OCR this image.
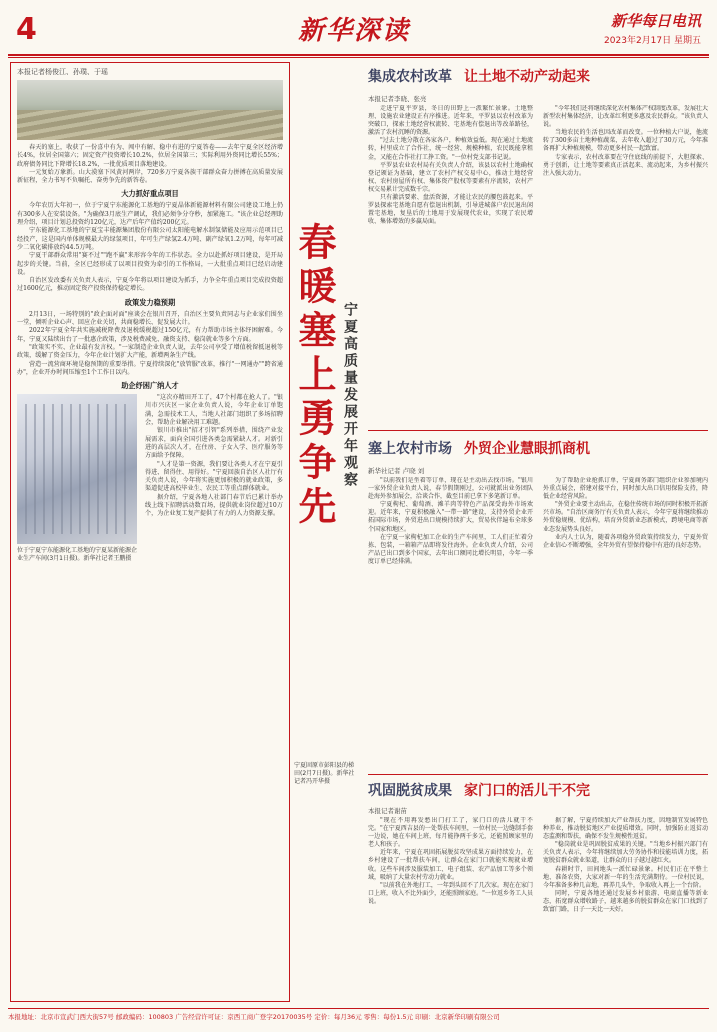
4	新华深读	新华每日电讯
2023年2月17日 星期五
本报记者杨俊江、孙璞、于瑶

春天的塞上，收获了一份喜中有为、闯中有解、稳中有进的宁夏答卷——去年宁夏全区经济增长4%，位居全国第六；固定资产投资增长10.2%，位居全国第三；实际利用外资同比增长55%；政府债务同比下降增长18.2%，一批优质项目落地建设。

一元复始万象新。山大漠塞下风黄河两岸，720多万宁夏各族干部群众奋力拼搏在高质量发展新征程，全力书写不负嘱托、奋勇争先的新答卷。

大力抓好重点项目

今年农历大年初一，位于宁夏宁东能源化工基地的宁夏晶体新能源材料有限公司建设工地上仍有300多人在安装设备。"为确保3月底生产调试，我们必须争分夺秒，加紧施工。"该企业总经理助理介绍，项目计划总投资约120亿元，达产后年产值约200亿元。

宁东能源化工基地的宁夏宝丰能源集团股份有限公司太阳能电解水制氢储能及应用示范项目已经投产，这是国内单体规模最大的绿氢项目，年可生产绿氢2.4万吨、副产绿氧1.2万吨，每年可减少二氧化碳排放约44.5万吨。

宁夏干部群众常用"赛不过""跑不赢"来形容今年的工作状态。全力以赴抓好项目建设，是开局起步的关键。当前，全区已经形成了以项目投资为牵引的工作格局，一大批重点项目已经启动建设。

自治区发改委有关负责人表示，宁夏今年将以项目建设为抓手，力争全年重点项目完成投资超过1600亿元，推动固定资产投资保持稳定增长。

政策发力稳预期

2月13日，一场特别的"政企面对面"座谈会在银川召开，自治区主要负责同志与企业家们围坐一堂，倾听企业心声、回应企业关切，共商稳增长、促发展大计。

2022年宁夏全年共实施减税降费及退税缓税超过150亿元，有力帮助市场主体纾困解难。今年，宁夏又陆续出台了一批惠企政策，涉及税费减免、融资支持、稳岗就业等多个方面。

"政策实不实、企业最有发言权。"一家制造企业负责人说，去年公司享受了增值税留抵退税等政策，缓解了资金压力，今年企业计划扩大产能，新增两条生产线。

营造一流营商环境是稳预期的重要举措。宁夏持续深化"放管服"改革，推行"一网通办""跨省通办"，企业开办时间压缩至1个工作日以内。

助企纾困广纳人才
位于宁夏宁东能源化工基地的宁夏某新能源企业生产车间(3月1日摄)。新华社记者王鹏摄

"这次亦精田开工了，47个村都在抢人了。"银川市兴庆区一家企业负责人说，今年企业订单饱满，急需技术工人，当地人社部门组织了多场招聘会，帮助企业解决用工难题。

银川市推出"招才引智"系列举措，围绕产业发展需求，面向全国引进各类急需紧缺人才。对新引进的高层次人才，在住房、子女入学、医疗服务等方面给予保障。

"人才是第一资源，我们要让各类人才在宁夏引得进、留得住、用得好。"宁夏回族自治区人社厅有关负责人说，今年将实施更加积极的就业政策，多渠道促进高校毕业生、农民工等重点群体就业。

据介绍，宁夏各地人社部门春节后已累计举办线上线下招聘活动数百场，提供就业岗位超过10万个，为企业复工复产提供了有力的人力资源支撑。 春暖塞上勇争先 宁夏高质量发展开年观察
宁夏固原市彭阳县的梯田(2月7日摄)。新华社记者冯开华摄
集成农村改革 让土地不动产动起来
本报记者李晓、张亮

走进宁夏平罗县，冬日的田野上一派繁忙景象。土地整理、设施农业建设正有序推进。近年来，平罗县以农村改革为突破口，探索土地经营权流转、宅基地有偿退出等改革路径，激活了农村沉睡的资源。

"过去土地分散在各家各户，种植效益低。现在通过土地流转，村里成立了合作社，统一经营、规模种植，农民既能拿租金，又能在合作社打工挣工资。"一位村党支部书记说。

平罗县农业农村局有关负责人介绍，该县以农村土地确权登记颁证为基础，建立了农村产权交易中心，推动土地经营权、农村房屋所有权、集体资产股权等要素有序流转，农村产权交易累计完成数千宗。

只有激活要素、盘活资源，才能让农民的腰包鼓起来。平罗县探索宅基地自愿有偿退出机制，引导进城落户农民退出闲置宅基地，复垦后的土地用于发展现代农业，实现了农民增收、集体增效的多赢局面。

"今年我们还将继续深化农村集体产权制度改革，发展壮大新型农村集体经济，让改革红利更多惠及农民群众。"该负责人说。

当地农民的生活也因改革而改变。一位种植大户说，他流转了300多亩土地种植蔬菜，去年收入超过了30万元，今年准备再扩大种植规模，带动更多村民一起致富。

专家表示，农村改革要在守住底线的前提下，大胆探索、勇于创新，让土地等要素真正活起来、流动起来，为乡村振兴注入强大动力。

塞上农村市场 外贸企业慧眼抓商机
新华社记者 卢晓 刘

"以前我们是坐着等订单，现在是主动出去找市场。"银川一家外贸企业负责人说，春节假期刚过，公司就派出业务团队赴海外参加展会，洽谈合作，截至目前已拿下多笔新订单。

宁夏枸杞、葡萄酒、滩羊肉等特色产品深受海外市场欢迎。近年来，宁夏积极融入"一带一路"建设，支持外贸企业开拓国际市场，外贸进出口规模持续扩大，贸易伙伴遍布全球多个国家和地区。

在宁夏一家枸杞加工企业的生产车间里，工人们正忙着分拣、包装，一箱箱产品即将发往海外。企业负责人介绍，公司产品已出口到多个国家，去年出口额同比增长明显，今年一季度订单已经排满。

为了帮助企业抢抓订单，宁夏商务部门组织企业参加境内外重点展会，搭建对接平台，同时加大出口信用保险支持，降低企业经营风险。

"外贸企业要主动出击，在稳住传统市场的同时积极开拓新兴市场。"自治区商务厅有关负责人表示，今年宁夏将继续推动外贸稳规模、优结构，培育外贸新业态新模式，跨境电商等新业态发展势头良好。

业内人士认为，随着各项稳外贸政策持续发力，宁夏外贸企业信心不断增强，全年外贸有望保持稳中有进的良好态势。

巩固脱贫成果 家门口的活儿干不完
本报记者谢苗

"现在不用再发愁出门打工了，家门口的活儿就干不完。"在宁夏西吉县的一处帮扶车间里，一位村民一边缝制手套一边说，她在车间上班，每月能挣两千多元，还能照顾家里的老人和孩子。

近年来，宁夏在巩固拓展脱贫攻坚成果方面持续发力，在乡村建设了一批帮扶车间，让群众在家门口就能实现就业增收。这些车间涉及服装加工、电子组装、农产品加工等多个领域，吸纳了大量农村劳动力就业。

"以前我在外地打工，一年到头回不了几次家。现在在家门口上班，收入不比外面少，还能照顾家庭。"一位返乡务工人员说。

据了解，宁夏持续加大产业帮扶力度，因地制宜发展特色种养业，推动脱贫地区产业提质增效。同时，加强防止返贫动态监测和帮扶，确保不发生规模性返贫。

"稳岗就业是巩固脱贫成果的关键。"当地乡村振兴部门有关负责人表示，今年将继续加大劳务协作和技能培训力度，拓宽脱贫群众就业渠道，让群众的日子越过越红火。

春耕时节，田间地头一派忙碌景象。村民们正在平整土地、准备农资，大家对新一年的生活充满期待。一位村民说，今年准备多种几亩地，再养几头牛，争取收入再上一个台阶。

同时，宁夏各地还通过发展乡村旅游、电商直播等新业态，拓宽群众增收路子，越来越多的脱贫群众在家门口找到了致富门路，日子一天比一天好。

本报地址：北京市宣武门西大街57号 邮政编码：100803 广告经营许可证：京西工商广登字20170035号 定价：每月36元 零售：每份1.5元 印刷：北京新华印刷有限公司
